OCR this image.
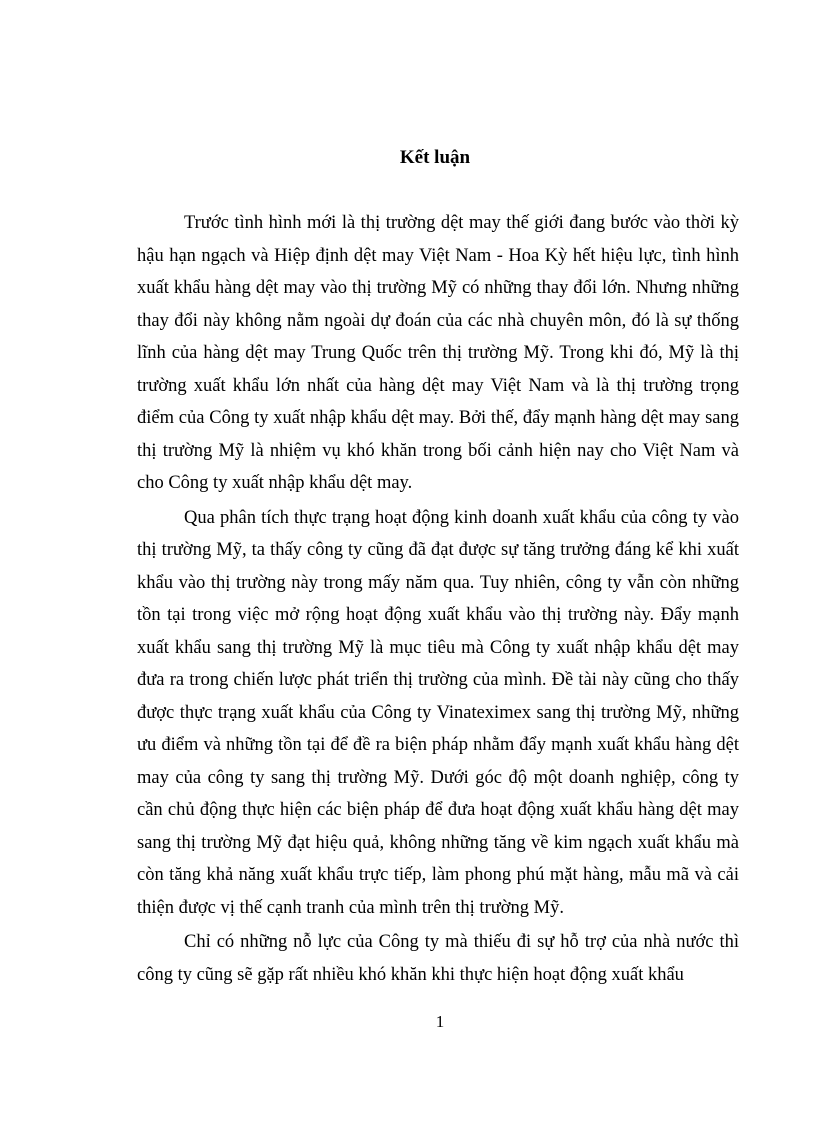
Kết luận

Trước tình hình mới là thị trường dệt may thế giới đang bước vào thời kỳ hậu hạn ngạch và Hiệp định dệt may Việt Nam - Hoa Kỳ hết hiệu lực, tình hình xuất khẩu hàng dệt may vào thị trường Mỹ có những thay đổi lớn. Nhưng những thay đổi này không nằm ngoài dự đoán của các nhà chuyên môn, đó là sự thống lĩnh của hàng dệt may Trung Quốc trên thị trường Mỹ. Trong khi đó, Mỹ là thị trường xuất khẩu lớn nhất của hàng dệt may Việt Nam và là thị trường trọng điểm của Công ty xuất nhập khẩu dệt may. Bởi thế, đẩy mạnh hàng dệt may sang thị trường Mỹ là nhiệm vụ khó khăn trong bối cảnh hiện nay cho Việt Nam và cho Công ty xuất nhập khẩu dệt may.

Qua phân tích thực trạng hoạt động kinh doanh xuất khẩu của công ty vào thị trường Mỹ, ta thấy công ty cũng đã đạt được sự tăng trưởng đáng kể khi xuất khẩu vào thị trường này trong mấy năm qua. Tuy nhiên, công ty vẫn còn những tồn tại trong việc mở rộng hoạt động xuất khẩu vào thị trường này. Đẩy mạnh xuất khẩu sang thị trường Mỹ là mục tiêu mà Công ty xuất nhập khẩu dệt may đưa ra trong chiến lược phát triển thị trường của mình. Đề tài này cũng cho thấy được thực trạng xuất khẩu của Công ty Vinateximex sang thị trường Mỹ, những ưu điểm và những tồn tại để đề ra biện pháp nhằm đẩy mạnh xuất khẩu hàng dệt may của công ty sang thị trường Mỹ. Dưới góc độ một doanh nghiệp, công ty cần chủ động thực hiện các biện pháp để đưa hoạt động xuất khẩu hàng dệt may sang thị trường Mỹ đạt hiệu quả, không những tăng về kim ngạch xuất khẩu mà còn tăng khả năng xuất khẩu trực tiếp, làm phong phú mặt hàng, mẫu mã và cải thiện được vị thế cạnh tranh của mình trên thị trường Mỹ.

Chỉ có những nỗ lực của Công ty mà thiếu đi sự hỗ trợ của nhà nước thì công ty cũng sẽ gặp rất nhiều khó khăn khi thực hiện hoạt động xuất khẩu

1
